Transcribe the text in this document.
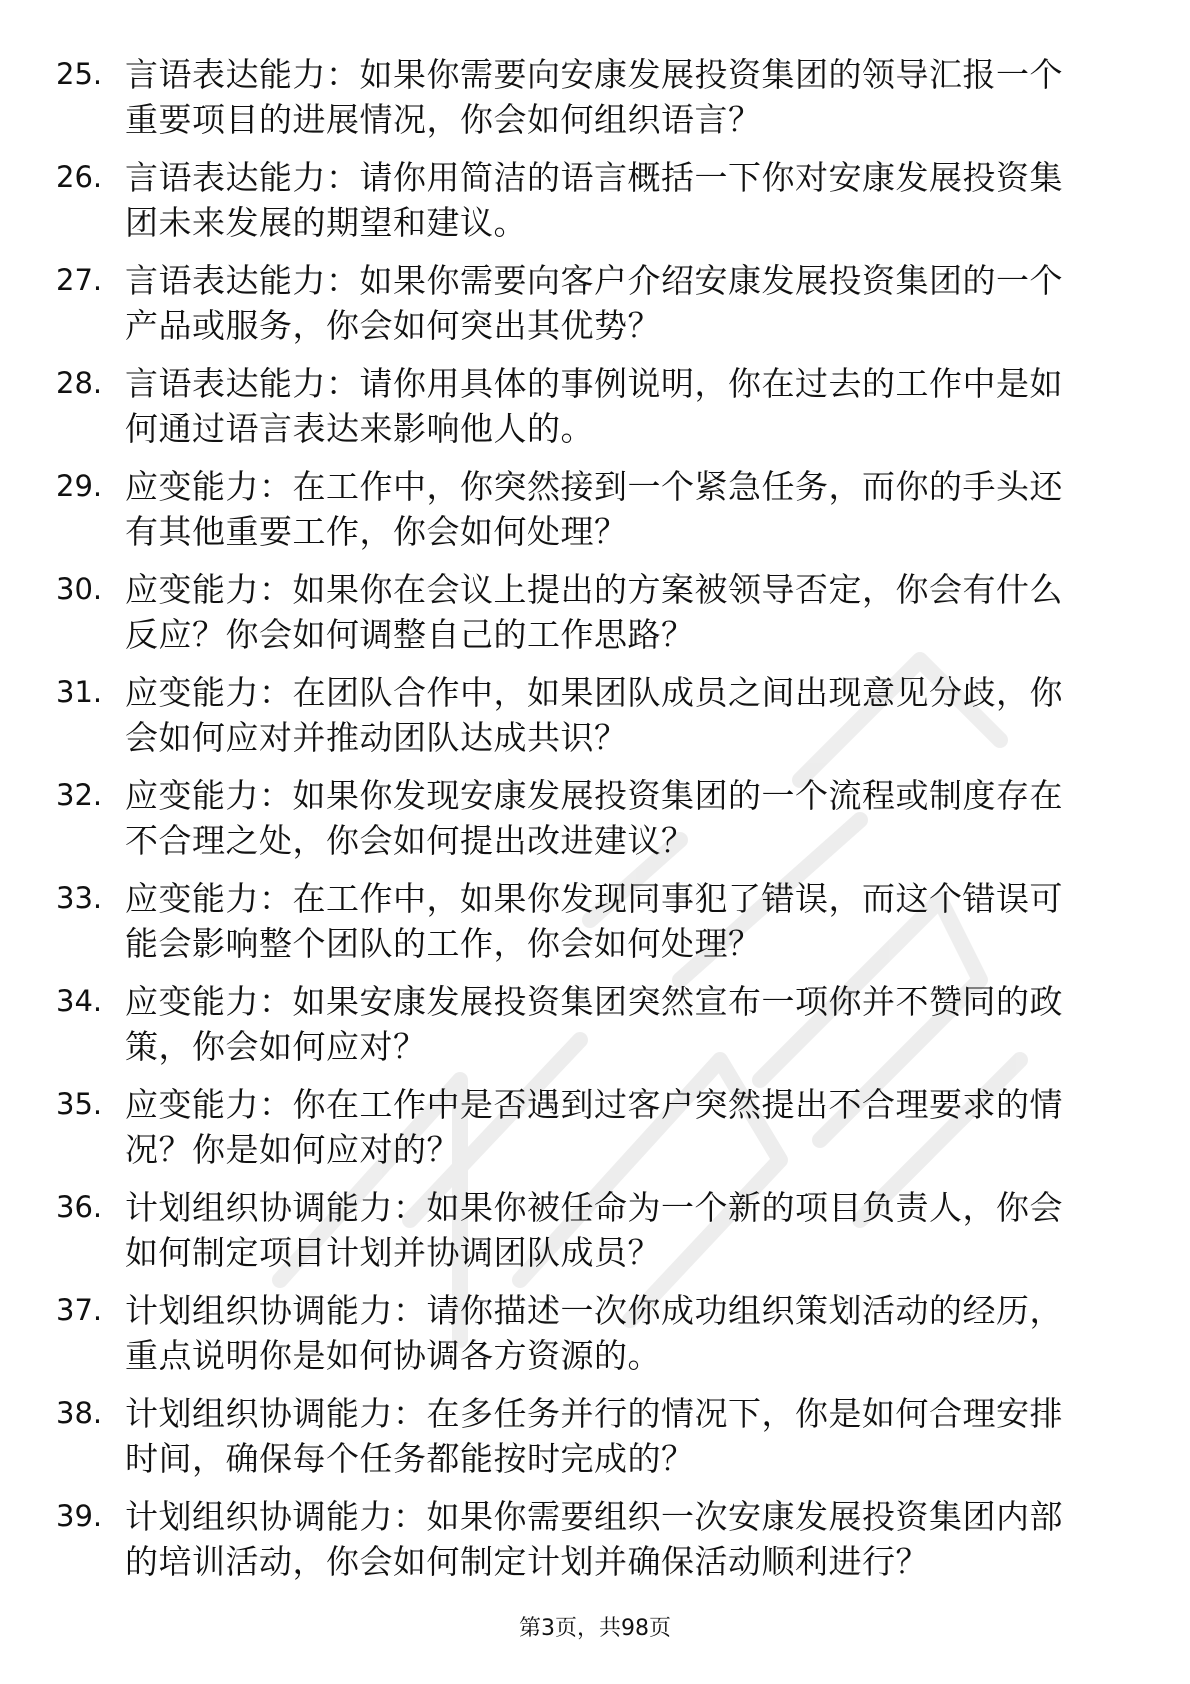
25. 言语表达能力：如果你需要向安康发展投资集团的领导汇报一个
重要项目的进展情况，你会如何组织语言？
26. 言语表达能力：请你用简洁的语言概括一下你对安康发展投资集
团未来发展的期望和建议。
27. 言语表达能力：如果你需要向客户介绍安康发展投资集团的一个
产品或服务，你会如何突出其优势？
28. 言语表达能力：请你用具体的事例说明，你在过去的工作中是如
何通过语言表达来影响他人的。
29. 应变能力：在工作中，你突然接到一个紧急任务，而你的手头还
有其他重要工作，你会如何处理？
30. 应变能力：如果你在会议上提出的方案被领导否定，你会有什么
反应？你会如何调整自己的工作思路？
31. 应变能力：在团队合作中，如果团队成员之间出现意见分歧，你
会如何应对并推动团队达成共识？
32. 应变能力：如果你发现安康发展投资集团的一个流程或制度存在
不合理之处，你会如何提出改进建议？
33. 应变能力：在工作中，如果你发现同事犯了错误，而这个错误可
能会影响整个团队的工作，你会如何处理？
34. 应变能力：如果安康发展投资集团突然宣布一项你并不赞同的政
策，你会如何应对？
35. 应变能力：你在工作中是否遇到过客户突然提出不合理要求的情
况？你是如何应对的？
36. 计划组织协调能力：如果你被任命为一个新的项目负责人，你会
如何制定项目计划并协调团队成员？
37. 计划组织协调能力：请你描述一次你成功组织策划活动的经历，
重点说明你是如何协调各方资源的。
38. 计划组织协调能力：在多任务并行的情况下，你是如何合理安排
时间，确保每个任务都能按时完成的？
39. 计划组织协调能力：如果你需要组织一次安康发展投资集团内部
的培训活动，你会如何制定计划并确保活动顺利进行？
第3页，共98页
